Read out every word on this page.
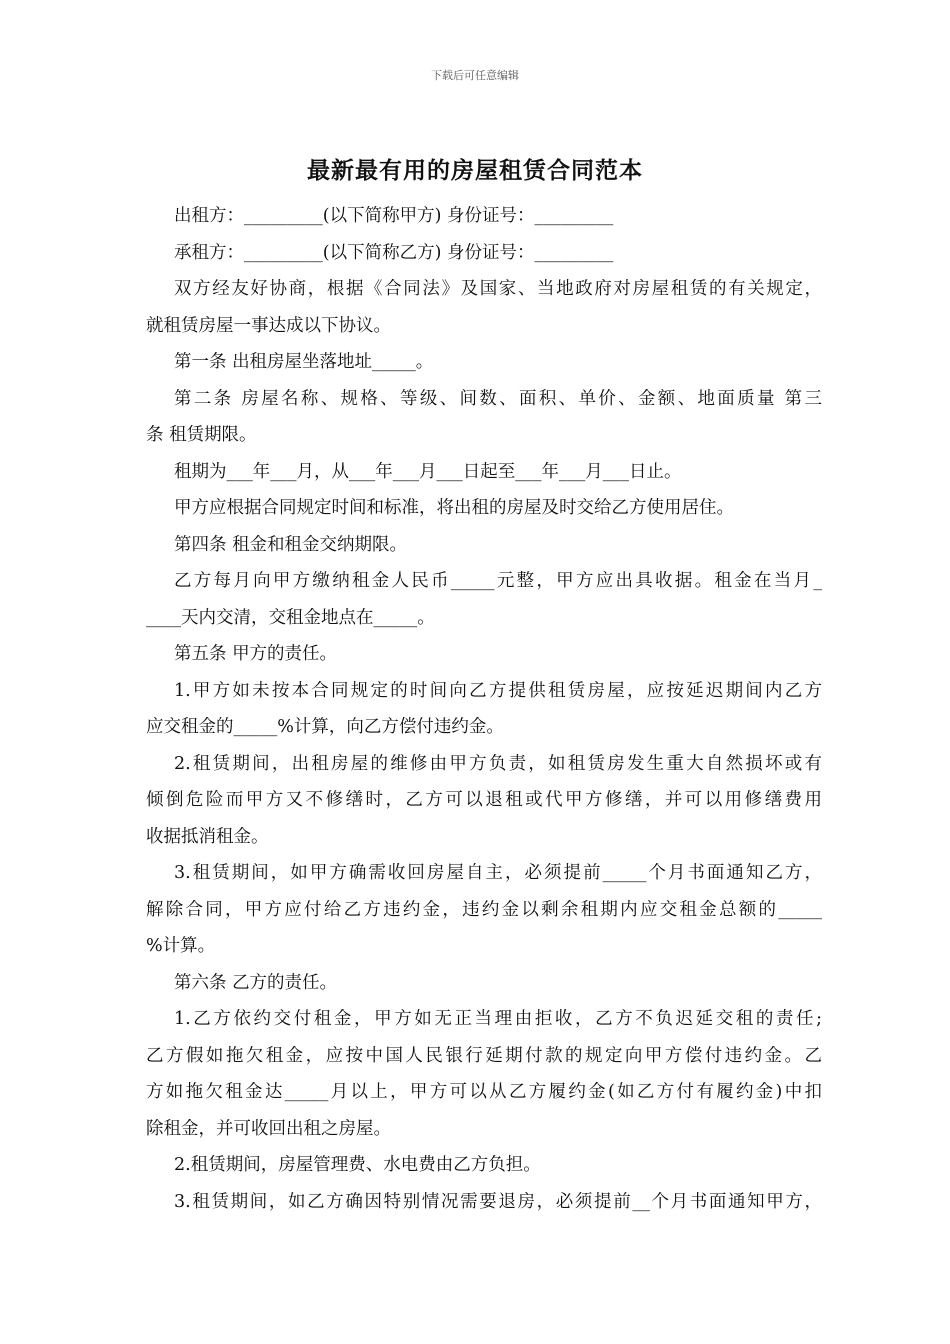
下载后可任意编辑
最新最有用的房屋租赁合同范本
出租方：_________(以下简称甲方) 身份证号：_________
承租方：_________(以下简称乙方) 身份证号：_________
双方经友好协商，根据《合同法》及国家、当地政府对房屋租赁的有关规定，
就租赁房屋一事达成以下协议。
第一条 出租房屋坐落地址_____。
第二条 房屋名称、规格、等级、间数、面积、单价、金额、地面质量 第三
条 租赁期限。
租期为___年___月，从___年___月___日起至___年___月___日止。
甲方应根据合同规定时间和标准，将出租的房屋及时交给乙方使用居住。
第四条 租金和租金交纳期限。
乙方每月向甲方缴纳租金人民币_____元整，甲方应出具收据。租金在当月_
____天内交清，交租金地点在_____。
第五条 甲方的责任。
1.甲方如未按本合同规定的时间向乙方提供租赁房屋，应按延迟期间内乙方
应交租金的_____%计算，向乙方偿付违约金。
2.租赁期间，出租房屋的维修由甲方负责，如租赁房发生重大自然损坏或有
倾倒危险而甲方又不修缮时，乙方可以退租或代甲方修缮，并可以用修缮费用
收据抵消租金。
3.租赁期间，如甲方确需收回房屋自主，必须提前_____个月书面通知乙方，
解除合同，甲方应付给乙方违约金，违约金以剩余租期内应交租金总额的_____
%计算。
第六条 乙方的责任。
1.乙方依约交付租金，甲方如无正当理由拒收，乙方不负迟延交租的责任;
乙方假如拖欠租金，应按中国人民银行延期付款的规定向甲方偿付违约金。乙
方如拖欠租金达_____月以上，甲方可以从乙方履约金(如乙方付有履约金)中扣
除租金，并可收回出租之房屋。
2.租赁期间，房屋管理费、水电费由乙方负担。
3.租赁期间，如乙方确因特别情况需要退房，必须提前__个月书面通知甲方，
